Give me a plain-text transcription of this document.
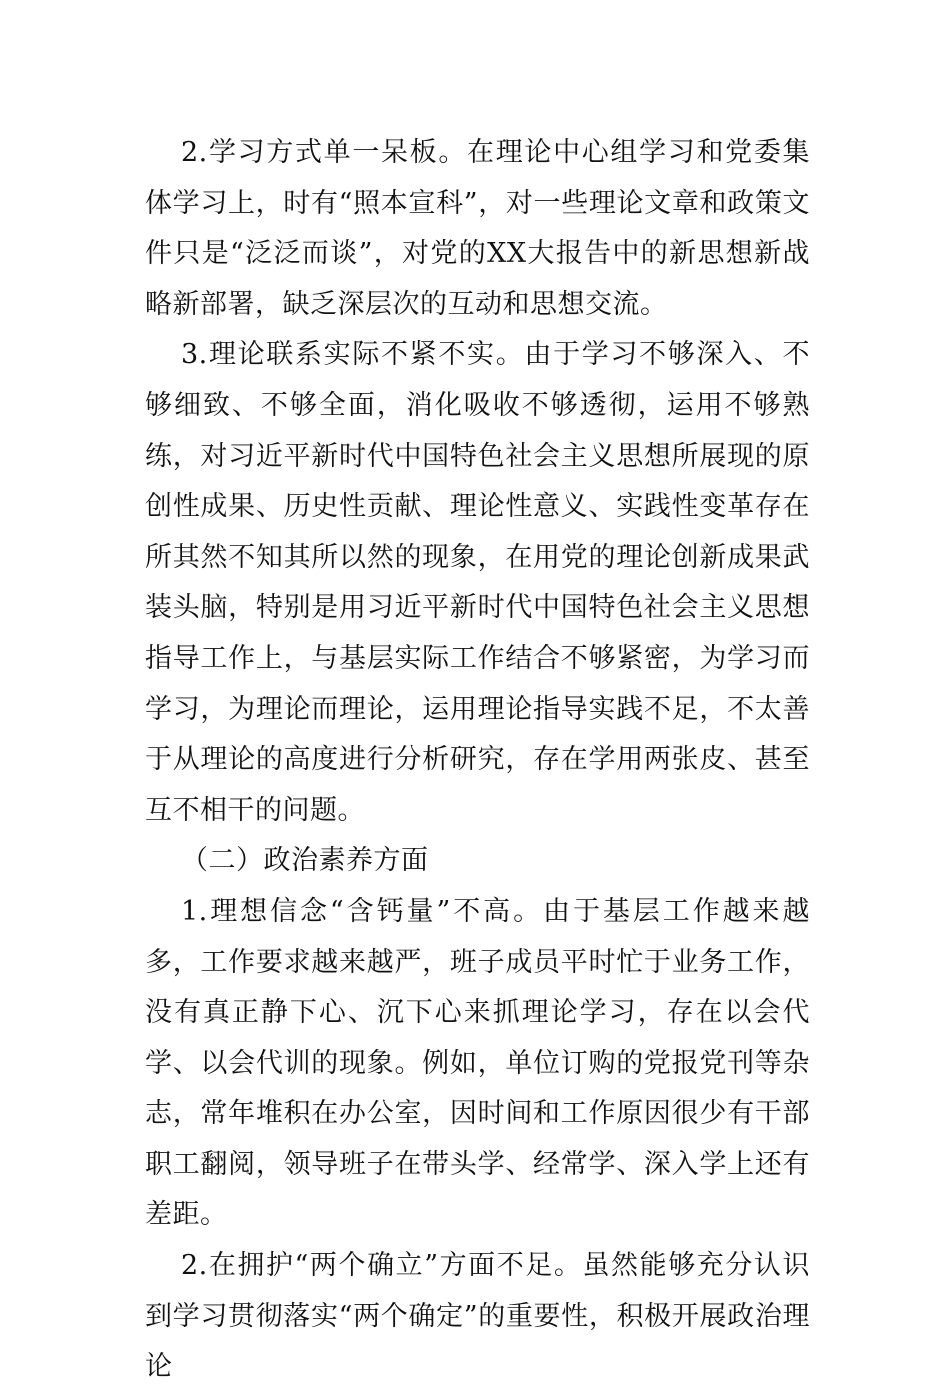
2.学习方式单一呆板。在理论中心组学习和党委集体学习上，时有“照本宣科”，对一些理论文章和政策文件只是“泛泛而谈”，对党的XX大报告中的新思想新战略新部署，缺乏深层次的互动和思想交流。

3.理论联系实际不紧不实。由于学习不够深入、不够细致、不够全面，消化吸收不够透彻，运用不够熟练，对习近平新时代中国特色社会主义思想所展现的原创性成果、历史性贡献、理论性意义、实践性变革存在所其然不知其所以然的现象，在用党的理论创新成果武装头脑，特别是用习近平新时代中国特色社会主义思想指导工作上，与基层实际工作结合不够紧密，为学习而学习，为理论而理论，运用理论指导实践不足，不太善于从理论的高度进行分析研究，存在学用两张皮、甚至互不相干的问题。

（二）政治素养方面

1.理想信念“含钙量”不高。由于基层工作越来越多，工作要求越来越严，班子成员平时忙于业务工作，没有真正静下心、沉下心来抓理论学习，存在以会代学、以会代训的现象。例如，单位订购的党报党刊等杂志，常年堆积在办公室，因时间和工作原因很少有干部职工翻阅，领导班子在带头学、经常学、深入学上还有差距。

2.在拥护“两个确立”方面不足。虽然能够充分认识到学习贯彻落实“两个确定”的重要性，积极开展政治理论
